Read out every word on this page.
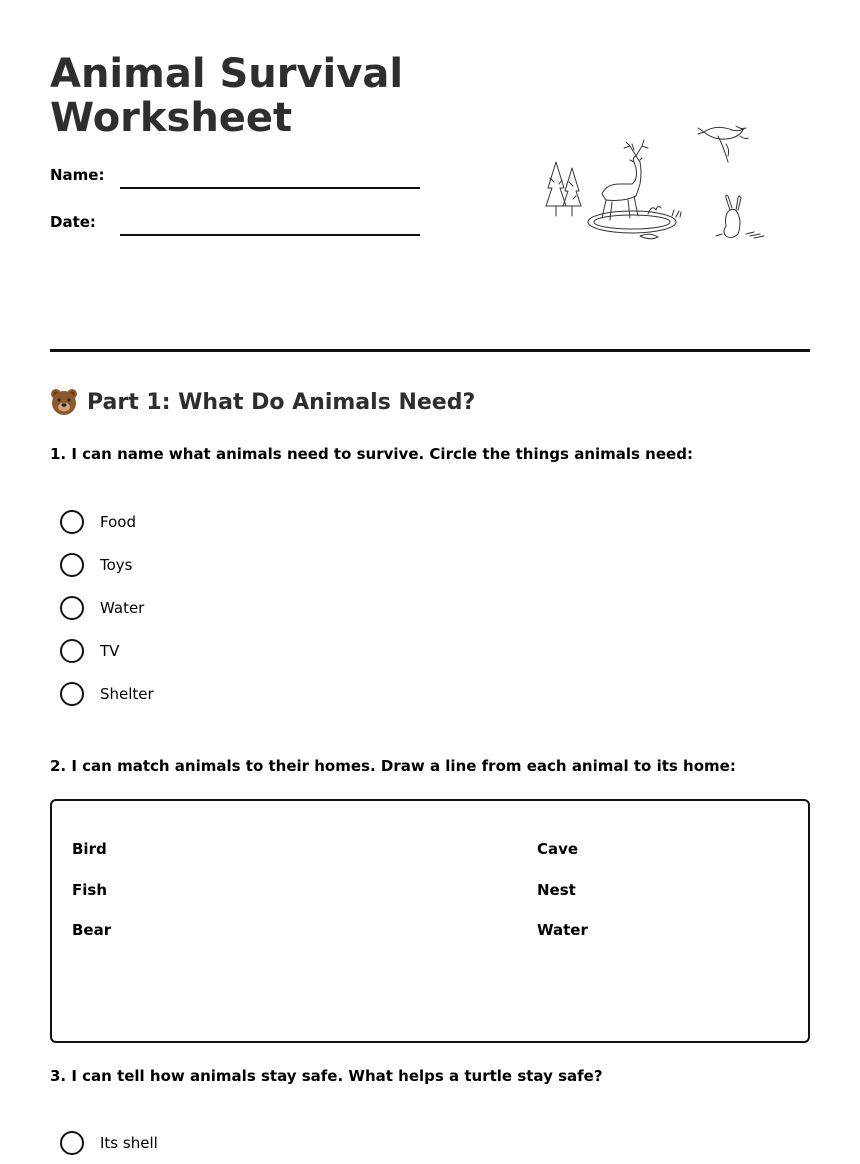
Animal Survival Worksheet
Name:
Date:
Part 1: What Do Animals Need?

1. I can name what animals need to survive. Circle the things animals need:

Food
Toys
Water
TV
Shelter

2. I can match animals to their homes. Draw a line from each animal to its home:

Bird
Fish
Bear
Cave
Nest
Water

3. I can tell how animals stay safe. What helps a turtle stay safe?

Its shell
